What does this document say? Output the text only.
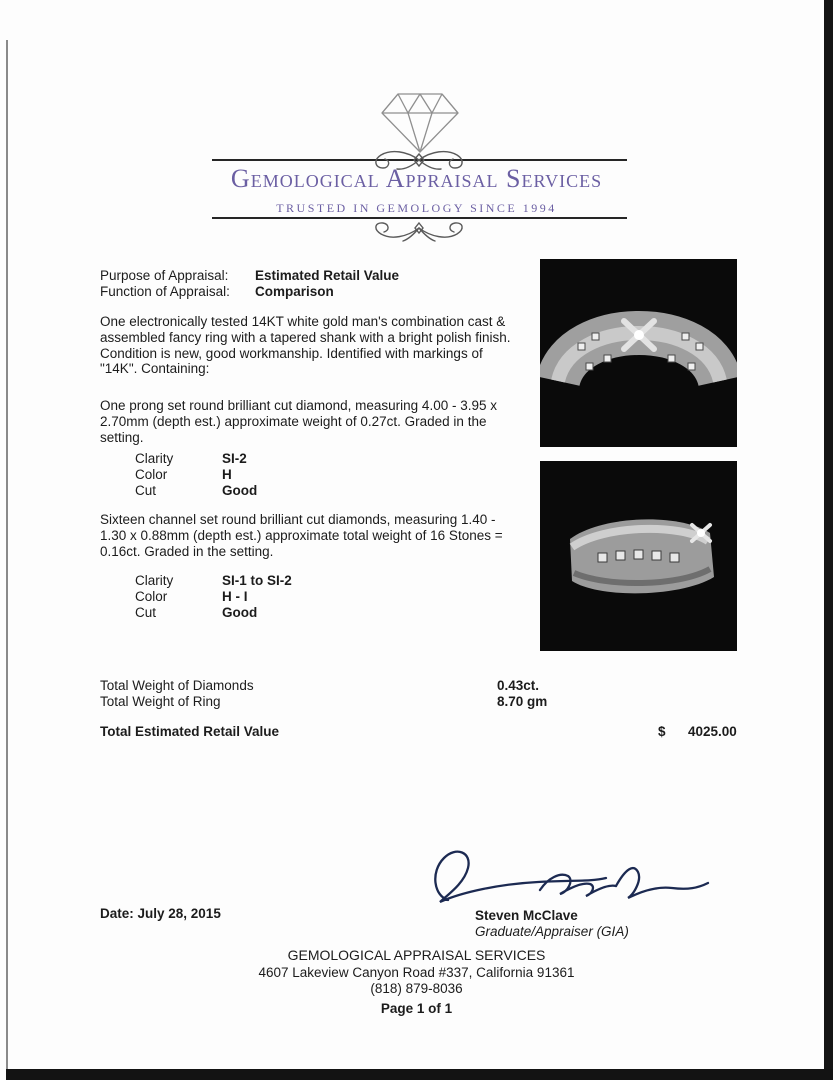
Gemological Appraisal Services
TRUSTED IN GEMOLOGY SINCE 1994
Purpose of Appraisal: Estimated Retail Value
Function of Appraisal: Comparison
One electronically tested 14KT white gold man's combination cast & assembled fancy ring with a tapered shank with a bright polish finish. Condition is new, good workmanship. Identified with markings of "14K". Containing:
One prong set round brilliant cut diamond, measuring 4.00 - 3.95 x 2.70mm (depth est.) approximate weight of 0.27ct. Graded in the setting.
Clarity	SI-2
Color	H
Cut	Good
Sixteen channel set round brilliant cut diamonds, measuring 1.40 - 1.30 x 0.88mm (depth est.) approximate total weight of 16 Stones = 0.16ct. Graded in the setting.
Clarity	SI-1 to SI-2
Color	H - I
Cut	Good
Total Weight of Diamonds	0.43ct.
Total Weight of Ring	8.70 gm
Total Estimated Retail Value	$ 4025.00
Date: July 28, 2015	Steven McClave
Graduate/Appraiser (GIA)
GEMOLOGICAL APPRAISAL SERVICES
4607 Lakeview Canyon Road #337, California 91361
(818) 879-8036
Page 1 of 1
